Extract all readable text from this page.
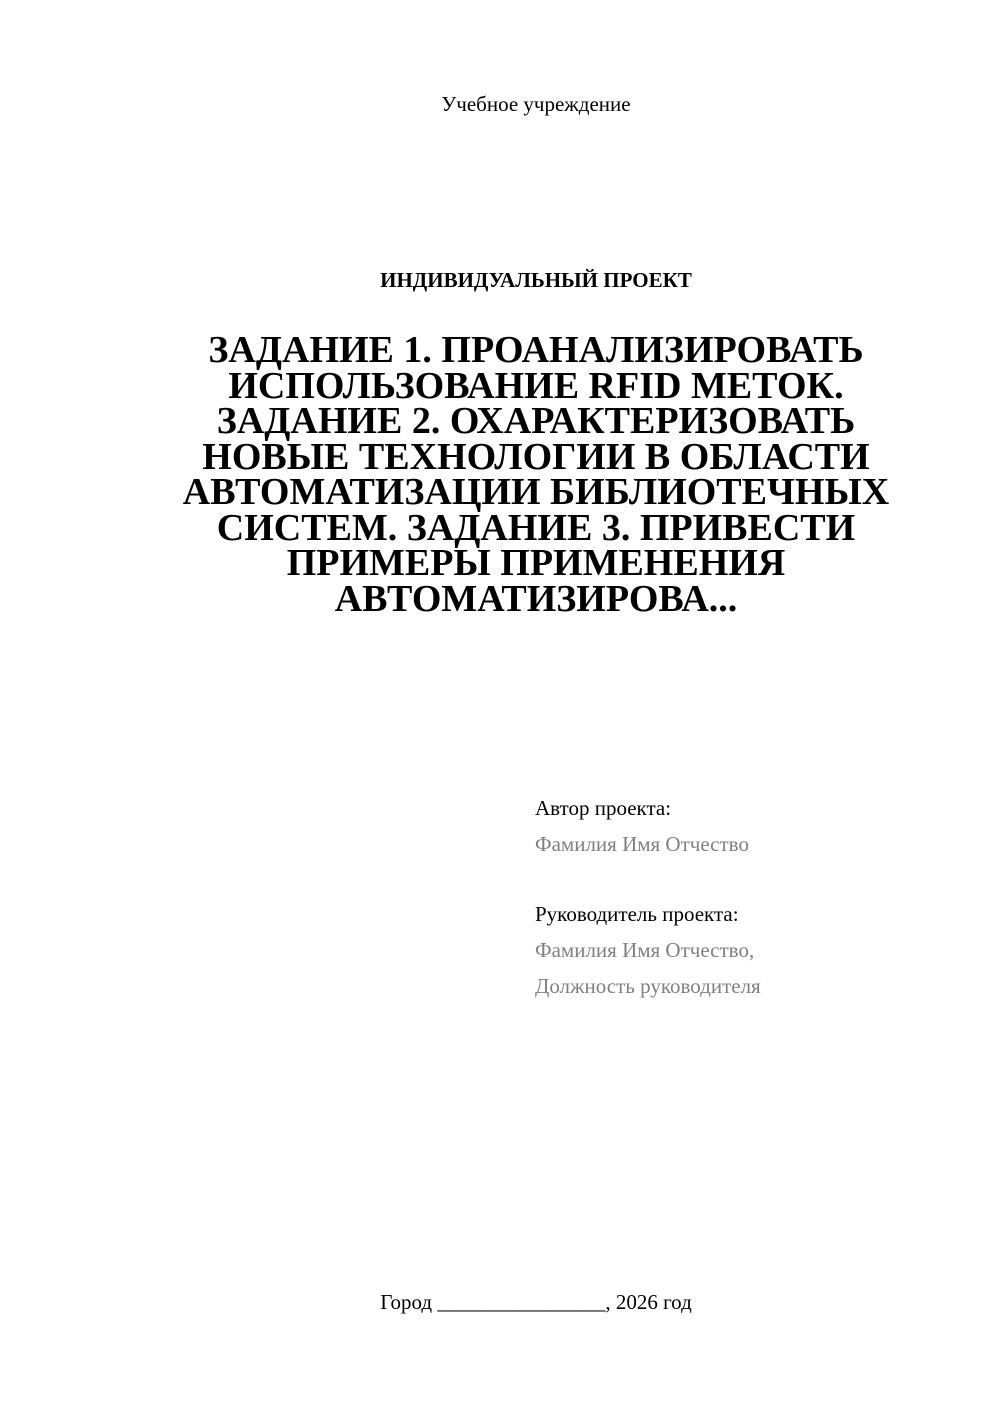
Учебное учреждение
ИНДИВИДУАЛЬНЫЙ ПРОЕКТ
ЗАДАНИЕ 1. ПРОАНАЛИЗИРОВАТЬ
ИСПОЛЬЗОВАНИЕ RFID МЕТОК.
ЗАДАНИЕ 2. ОХАРАКТЕРИЗОВАТЬ
НОВЫЕ ТЕХНОЛОГИИ В ОБЛАСТИ
АВТОМАТИЗАЦИИ БИБЛИОТЕЧНЫХ
СИСТЕМ. ЗАДАНИЕ 3. ПРИВЕСТИ
ПРИМЕРЫ ПРИМЕНЕНИЯ
АВТОМАТИЗИРОВА...
Автор проекта:
Фамилия Имя Отчество
Руководитель проекта:
Фамилия Имя Отчество,
Должность руководителя
Город ________________, 2026 год
